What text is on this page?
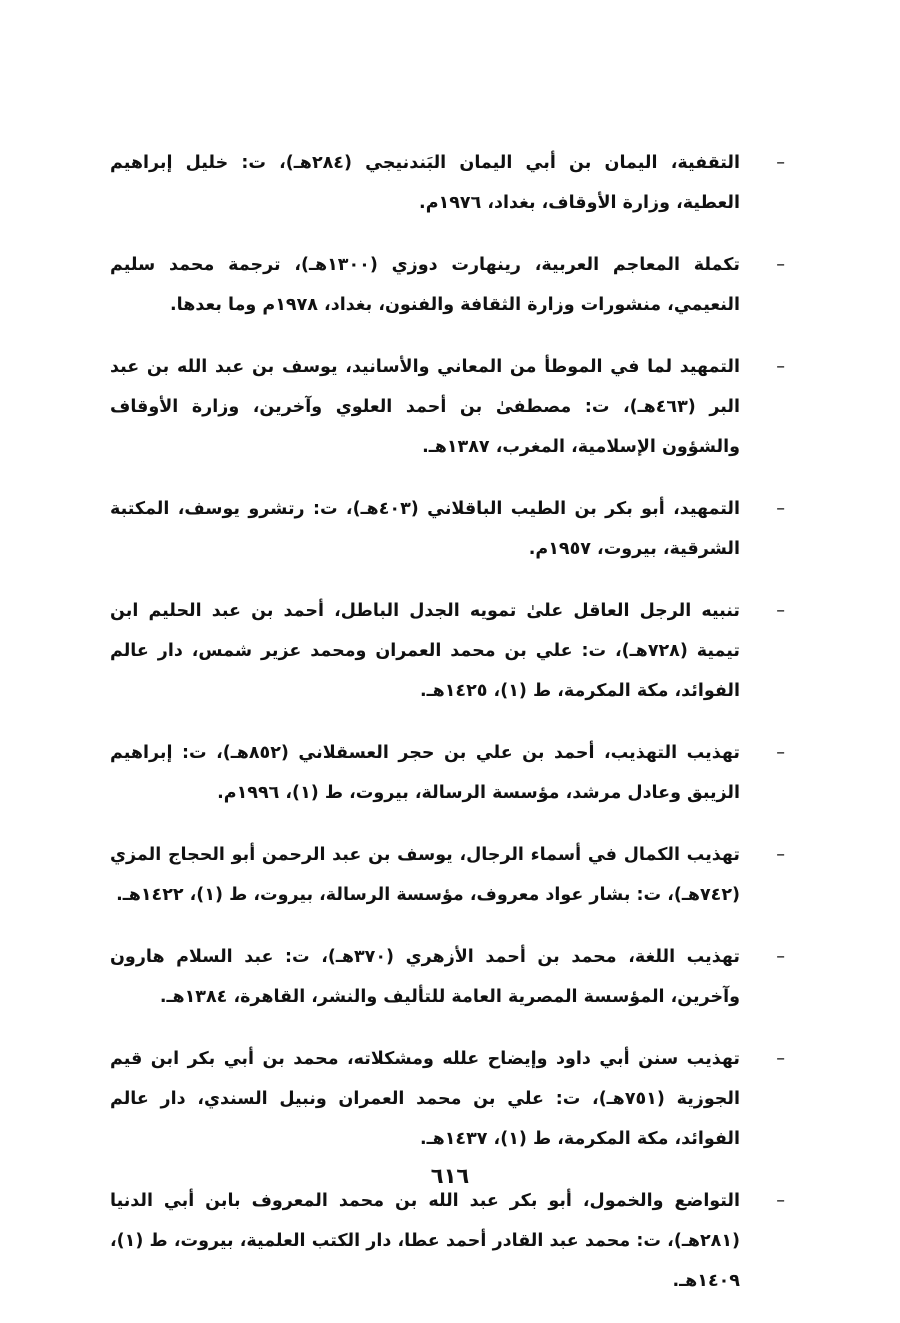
–
التقفية، اليمان بن أبي اليمان البَندنيجي (٢٨٤هـ)، ت: خليل إبراهيم العطية، وزارة الأوقاف، بغداد، ١٩٧٦م.
–
تكملة المعاجم العربية، رينهارت دوزي (١٣٠٠هـ)، ترجمة محمد سليم النعيمي، منشورات وزارة الثقافة والفنون، بغداد، ١٩٧٨م وما بعدها.
–
التمهيد لما في الموطأ من المعاني والأسانيد، يوسف بن عبد الله بن عبد البر (٤٦٣هـ)، ت: مصطفىٰ بن أحمد العلوي وآخرين، وزارة الأوقاف والشؤون الإسلامية، المغرب، ١٣٨٧هـ.
–
التمهيد، أبو بكر بن الطيب الباقلاني (٤٠٣هـ)، ت: رتشرو يوسف، المكتبة الشرقية، بيروت، ١٩٥٧م.
–
تنبيه الرجل العاقل علىٰ تمويه الجدل الباطل، أحمد بن عبد الحليم ابن تيمية (٧٢٨هـ)، ت: علي بن محمد العمران ومحمد عزير شمس، دار عالم الفوائد، مكة المكرمة، ط (١)، ١٤٢٥هـ.
–
تهذيب التهذيب، أحمد بن علي بن حجر العسقلاني (٨٥٢هـ)، ت: إبراهيم الزيبق وعادل مرشد، مؤسسة الرسالة، بيروت، ط (١)، ١٩٩٦م.
–
تهذيب الكمال في أسماء الرجال، يوسف بن عبد الرحمن أبو الحجاج المزي (٧٤٢هـ)، ت: بشار عواد معروف، مؤسسة الرسالة، بيروت، ط (١)، ١٤٢٢هـ.
–
تهذيب اللغة، محمد بن أحمد الأزهري (٣٧٠هـ)، ت: عبد السلام هارون وآخرين، المؤسسة المصرية العامة للتأليف والنشر، القاهرة، ١٣٨٤هـ.
–
تهذيب سنن أبي داود وإيضاح علله ومشكلاته، محمد بن أبي بكر ابن قيم الجوزية (٧٥١هـ)، ت: علي بن محمد العمران ونبيل السندي، دار عالم الفوائد، مكة المكرمة، ط (١)، ١٤٣٧هـ.
–
التواضع والخمول، أبو بكر عبد الله بن محمد المعروف بابن أبي الدنيا (٢٨١هـ)، ت: محمد عبد القادر أحمد عطا، دار الكتب العلمية، بيروت، ط (١)، ١٤٠٩هـ.
٦١٦
